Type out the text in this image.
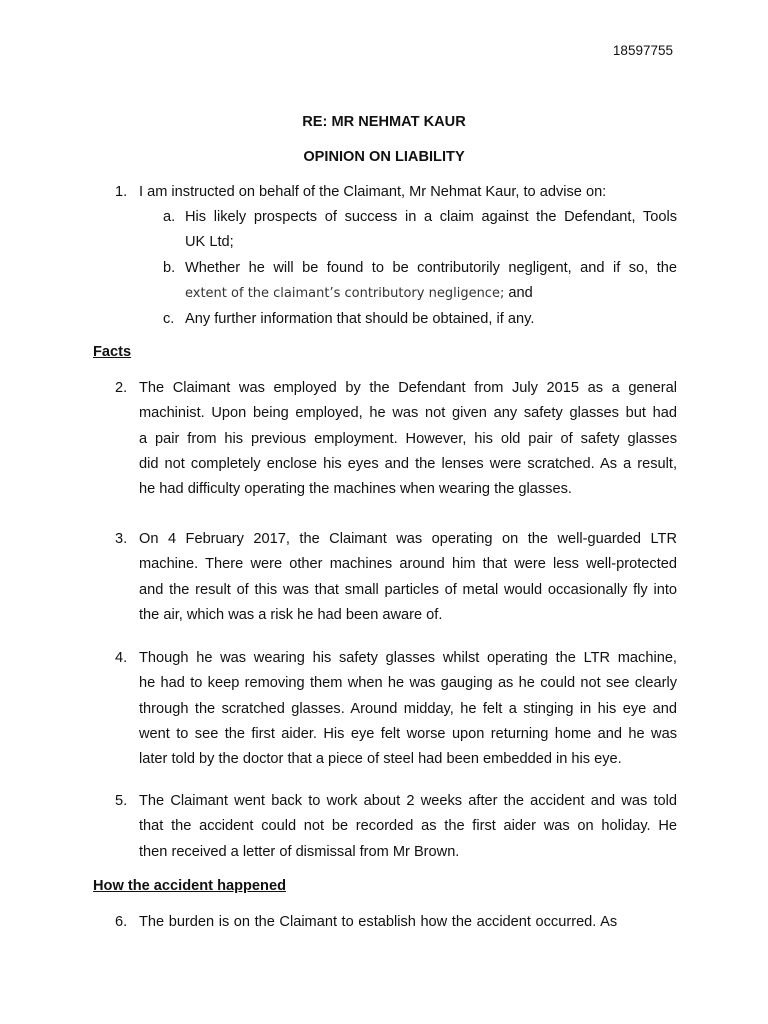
18597755
RE: MR NEHMAT KAUR
OPINION ON LIABILITY
1. I am instructed on behalf of the Claimant, Mr Nehmat Kaur, to advise on:
a. His likely prospects of success in a claim against the Defendant, Tools
UK Ltd;
b. Whether he will be found to be contributorily negligent, and if so, the
extent of the claimant’s contributory negligence; and
c. Any further information that should be obtained, if any.
Facts
2. The Claimant was employed by the Defendant from July 2015 as a general
machinist. Upon being employed, he was not given any safety glasses but had
a pair from his previous employment. However, his old pair of safety glasses
did not completely enclose his eyes and the lenses were scratched. As a result,
he had difficulty operating the machines when wearing the glasses.
3. On 4 February 2017, the Claimant was operating on the well-guarded LTR
machine. There were other machines around him that were less well-protected
and the result of this was that small particles of metal would occasionally fly into
the air, which was a risk he had been aware of.
4. Though he was wearing his safety glasses whilst operating the LTR machine,
he had to keep removing them when he was gauging as he could not see clearly
through the scratched glasses. Around midday, he felt a stinging in his eye and
went to see the first aider. His eye felt worse upon returning home and he was
later told by the doctor that a piece of steel had been embedded in his eye.
5. The Claimant went back to work about 2 weeks after the accident and was told
that the accident could not be recorded as the first aider was on holiday. He
then received a letter of dismissal from Mr Brown.
How the accident happened
6. The burden is on the Claimant to establish how the accident occurred. As
